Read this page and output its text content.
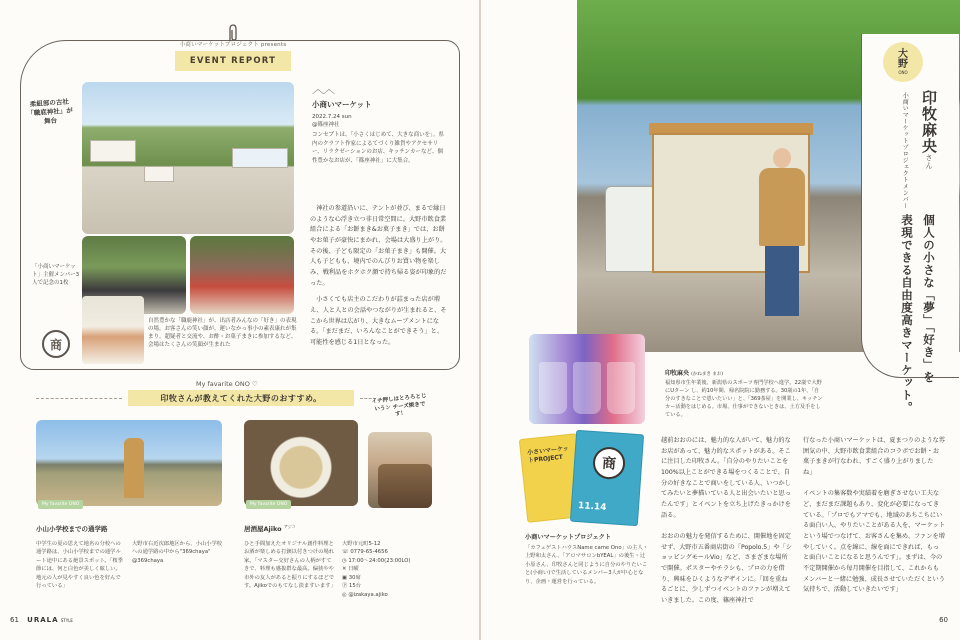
小商いマーケットプロジェクト presents
EVENT REPORT
柔紐部の古社「職底神社」が舞台
「小商いマーケット」主催メンバー3人で記念の1枚
商
自然豊かな「職鹿神社」が、出店者みんなの「好き」の表現の場。お客さんの笑い顔が、運いなかっ事小の素表康れが集まり。超疑者と交流や、お酢・お菓子まきに参加するなど、会場はたくさんの笑顔が生まれた
︿︿
小商いマーケット
2022.7.24 sun
@篠座神社
コンセプトは、「小さくはじめて、大きな商いを」。県内のクラフト作家によるてづくり雑貨やアクセサリー、リラクゼーションのお店、キッチンカーなど、個性豊かなお店が、「篠座神社」に大集合。

神社の参道沿いに、テントが並び、まるで縁日のような心浮き立つ非日常空間に。大野市飲食業組合による「お餅まき&お菓子まき」では、お餅やお菓子が豪快にまかれ、会場は大盛り上がり。その後、子ども限定の「お菓子まき」も開催。大人も子どもも、境内でのんびりお買い物を楽しみ、戦利品をホクホク顔で持ち帰る姿が印象的だった。

小さくても店主のこだわりが詰まった店が増え、人と人との会話やつながりが生まれると、そこから世界は広がり、大きなムーブメントになる。「まだまだ、いろんなことができそう」と、可能性を感じる1日となった。

My favarite ONO ♡
印牧さんが教えてくれた大野のおすすめ。	イチ押しはとろろとじいうン チーズ焼きです！
My favarite ONO	My favarite ONO
小山小学校までの通学路
中学生の夏の思えて地名の分校への通学路は、小山小学校までの通学ルート途中にある絶景スポット。「桜季節には、何と白色が美しく眩しい。地元の人が見やすく良い色を好んで行っている」
大野市右近次郎地区から、小山小学校への通学路の中から"369chaya"
@369chaya
居酒屋Ajiko $^{アジコ}$
ひと手間加えたオリジナル創作料理とお酒が楽しめる打鋏以付きつけの場れ家。「マスター交好さんの人柄がすてきで、料理も感抜群な最高。偏狭やや市外の友人があると振りにするほどです。Ajikoでのもてなし淡ますいます」
大野市元町5-12
☏ 0779-65-4656
◷ 17:00〜24:00(23:00LO)
✕ 日曜
▣ 30席
Ⓟ 15台
◎ @izakaya.ajiko
61 URALA STYLE
大
野
ONO
印牧麻央さん
小商いマーケットプロジェクトメンバー
個人の小さな「夢」「好き」を
表現できる自由度高きマーケット。
印牧麻央 (かねまき まお)
福知県市生年業後、新潟県のスポーツ専門学校へ進学。22歳で大野にUターン し、約10年間、帰名院院に勤務する。30歳の1年、「自分のすきなことで恩いたいい」と、「369茶屋」を開業し、キッチンカー活動をはじめる。市場、仕事ができないときは、土方及手をしている。
小さいマーケットPROJECT	商
11.14
小商いマーケットプロジェクト
「カフェゲストハウスName came Ono」の主人・上野和太さん、「アロマサロンbYEAL」の後生・辻小原さん、印牧さんと同じように自分のやりたいこと(小商い)で生活しているメンバー3人が中心となり、企画・運営を行っている。
越前おおのには、魅力的な人がいて、魅力的なお店があって、魅力的なスポットがある。そこに注目した印牧さん。「自分のやりたいことを100%以上ことができる場をつくることで、自分の好きなことで商いをしている人、いつかしてみたいと夢描いている人と出会いたいと思ったんです」とイベントを立ち上げたきっかけを語る。

おおのの魅力を発信するために、開催地を固定せず、大野市五番商店街の「Popolo.5」や「ショッピングモールVio」など、さまざまな場所で開催。ポスターやチラシも、プロの力を借り、興味をひくようなデザインに。「回を重ねるごとに、少しずつイベントのファンが増えていきました。この度、篠座神社で
行なった小商いマーケットは、夏まつりのような雰囲気の中、大野市飲食業組合のコラボでお餅・お菓子まきが行なわれ、すごく盛り上がりましたね」

イベントの集客数や実績着を磨ぎさせない工夫など、まだまだ課題もあり、変化が必要になってきている。「プロでもアマでも、地域のあちこちにいる面白い人、やりたいことがある人を、マーケットという場でつなげて、お客さんを集め、ファンを増やしていく。点を線に、線を面にできれば、もっと面白いことになると思うんです」。まずは、今の不定期開催から毎月開催を目指して、これからもメンバーと一緒に勉強、成長させていただくという気持ちで、活動していきたいです」
60
